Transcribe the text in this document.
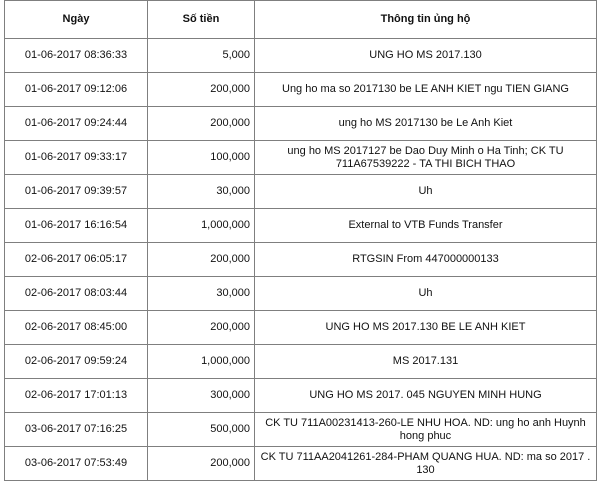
Ngày	Số tiền	Thông tin ủng hộ
01-06-2017 08:36:33	5,000	UNG HO MS 2017.130
01-06-2017 09:12:06	200,000	Ung ho ma so 2017130 be LE ANH KIET ngu TIEN GIANG
01-06-2017 09:24:44	200,000	ung ho MS 2017130 be Le Anh Kiet
01-06-2017 09:33:17	100,000	ung ho MS 2017127 be Dao Duy Minh o Ha Tinh; CK TU 711A67539222 - TA THI BICH THAO
01-06-2017 09:39:57	30,000	Uh
01-06-2017 16:16:54	1,000,000	External to VTB Funds Transfer
02-06-2017 06:05:17	200,000	RTGSIN From 447000000133
02-06-2017 08:03:44	30,000	Uh
02-06-2017 08:45:00	200,000	UNG HO MS 2017.130 BE LE ANH KIET
02-06-2017 09:59:24	1,000,000	MS 2017.131
02-06-2017 17:01:13	300,000	UNG HO MS 2017. 045 NGUYEN MINH HUNG
03-06-2017 07:16:25	500,000	CK TU 711A00231413-260-LE NHU HOA. ND: ung ho anh Huynh hong phuc
03-06-2017 07:53:49	200,000	CK TU 711AA2041261-284-PHAM QUANG HUA. ND: ma so 2017 . 130
